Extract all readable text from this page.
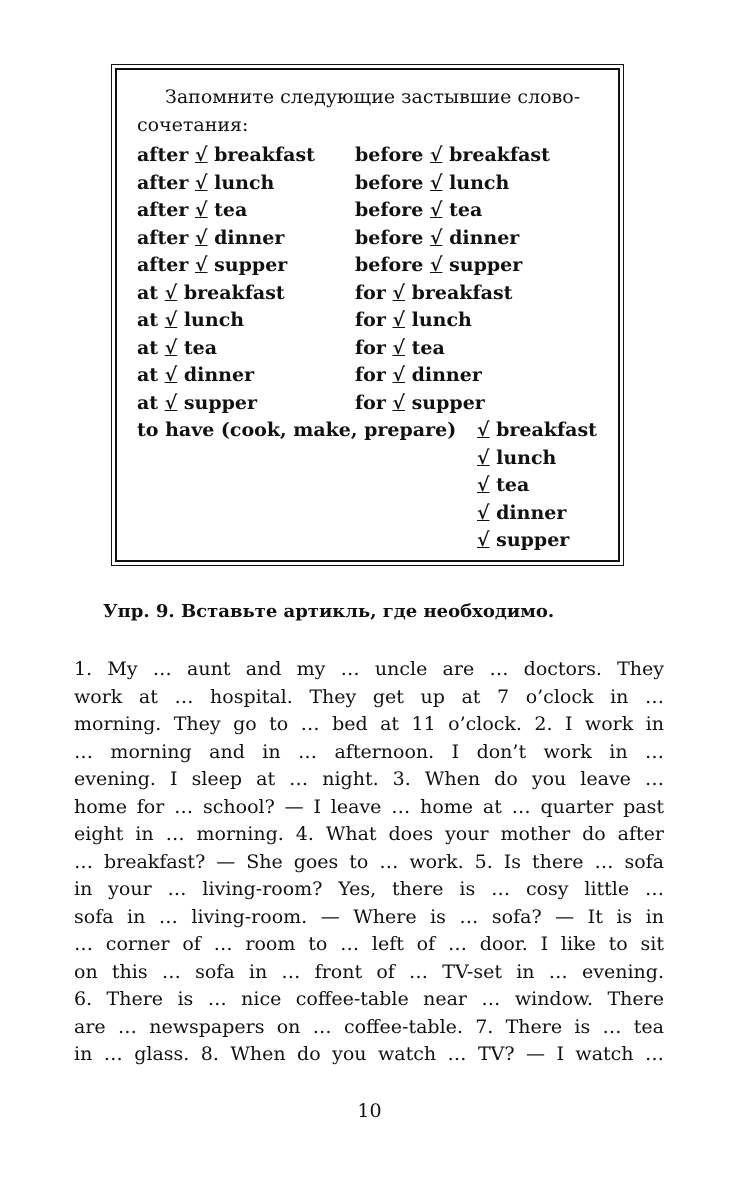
Запомните следующие застывшие слово-
сочетания:

after √ breakfast
after √ lunch
after √ tea
after √ dinner
after √ supper
at √ breakfast
at √ lunch
at √ tea
at √ dinner
at √ supper
before √ breakfast
before √ lunch
before √ tea
before √ dinner
before √ supper
for √ breakfast
for √ lunch
for √ tea
for √ dinner
for √ supper
to have (cook, make, prepare) √ breakfast
√ lunch
√ tea
√ dinner
√ supper

Упр. 9. Вставьте артикль, где необходимо.

1. My … aunt and my … uncle are … doctors. They
work at … hospital. They get up at 7 o’clock in …
morning. They go to … bed at 11 o’clock. 2. I work in
… morning and in … afternoon. I don’t work in …
evening. I sleep at … night. 3. When do you leave …
home for … school? — I leave … home at … quarter past
eight in … morning. 4. What does your mother do after
… breakfast? — She goes to … work. 5. Is there … sofa
in your … living-room? Yes, there is … cosy little …
sofa in … living-room. — Where is … sofa? — It is in
… corner of … room to … left of … door. I like to sit
on this … sofa in … front of … TV-set in … evening.
6. There is … nice coffee-table near … window. There
are … newspapers on … coffee-table. 7. There is … tea
in … glass. 8. When do you watch … TV? — I watch …
10
